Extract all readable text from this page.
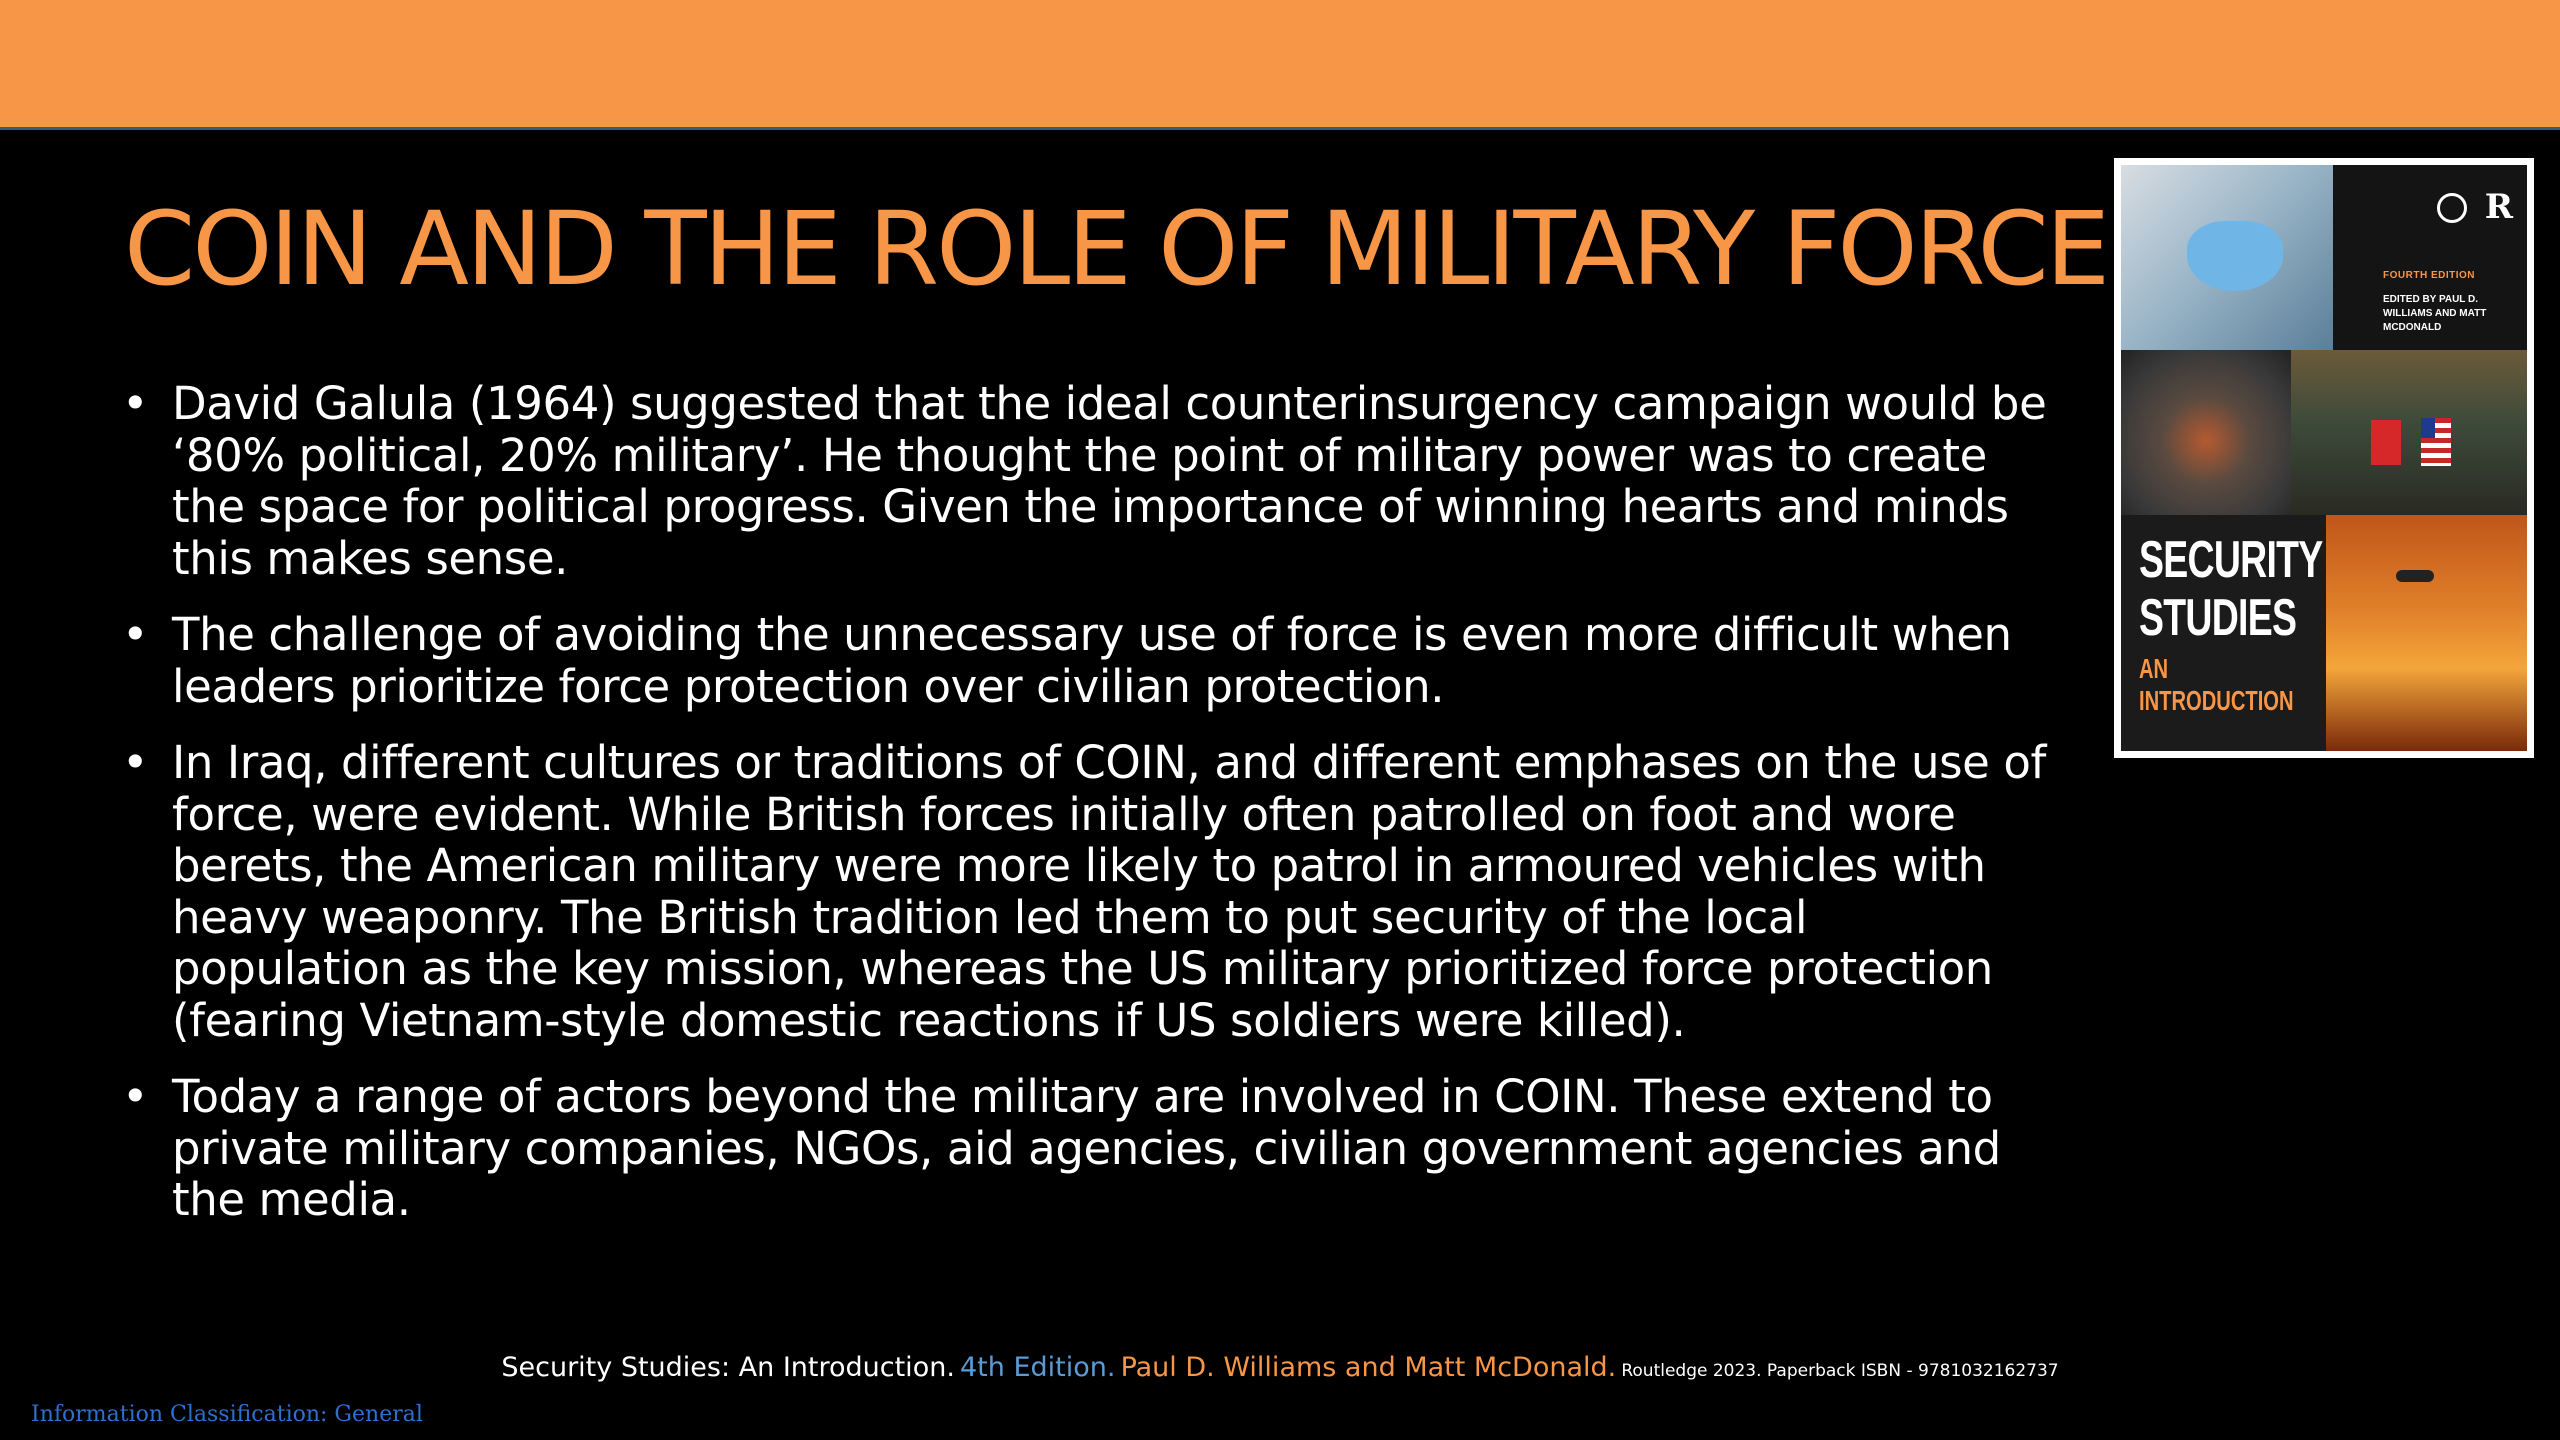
COIN AND THE ROLE OF MILITARY FORCE
• David Galula (1964) suggested that the ideal counterinsurgency campaign would be ‘80% political, 20% military’. He thought the point of military power was to create the space for political progress. Given the importance of winning hearts and minds this makes sense.
• The challenge of avoiding the unnecessary use of force is even more difficult when leaders prioritize force protection over civilian protection.
• In Iraq, different cultures or traditions of COIN, and different emphases on the use of force, were evident. While British forces initially often patrolled on foot and wore berets, the American military were more likely to patrol in armoured vehicles with heavy weaponry. The British tradition led them to put security of the local population as the key mission, whereas the US military prioritized force protection (fearing Vietnam-style domestic reactions if US soldiers were killed).
• Today a range of actors beyond the military are involved in COIN. These extend to private military companies, NGOs, aid agencies, civilian government agencies and the media.
R
FOURTH EDITION
EDITED BY PAUL D. WILLIAMS AND MATT MCDONALD
SECURITY STUDIES
AN INTRODUCTION
Security Studies: An Introduction. 4th Edition. Paul D. Williams and Matt McDonald. Routledge 2023. Paperback ISBN - 9781032162737
Information Classification: General
